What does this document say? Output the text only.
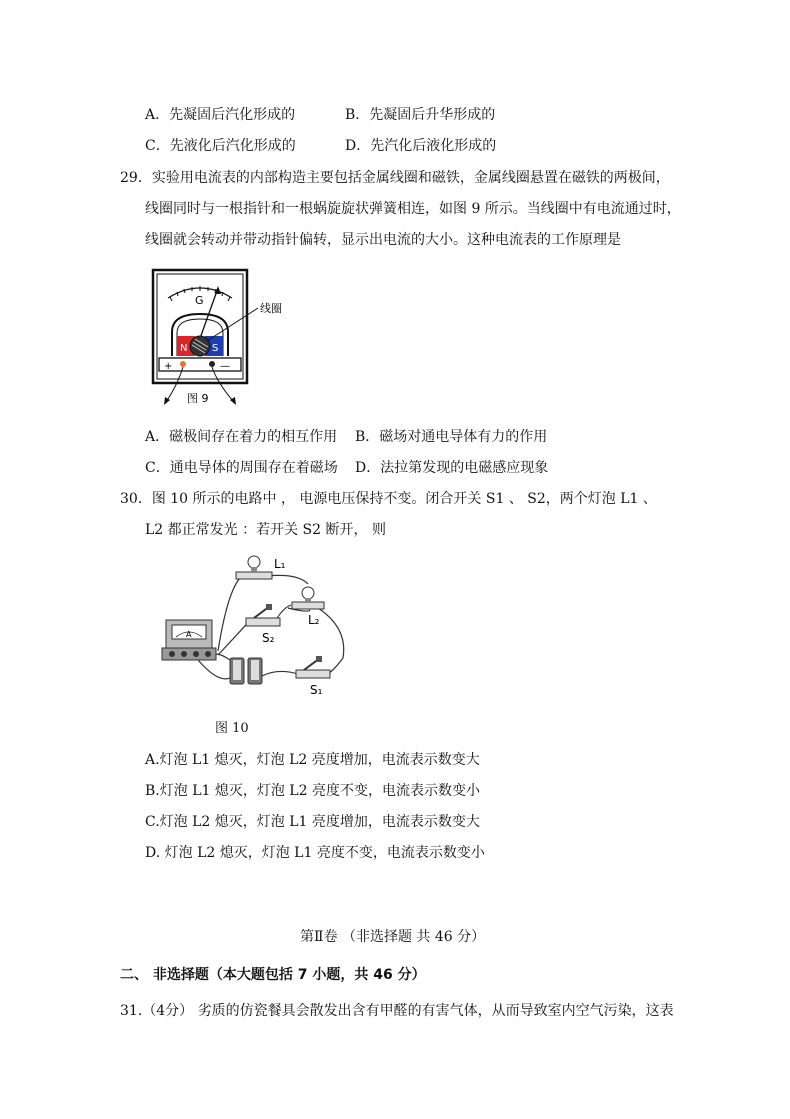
A．先凝固后汽化形成的	B．先凝固后升华形成的
C．先液化后汽化形成的	D．先汽化后液化形成的
29．实验用电流表的内部构造主要包括金属线圈和磁铁，金属线圈悬置在磁铁的两极间，
线圈同时与一根指针和一根蜗旋旋状弹簧相连，如图 9 所示。当线圈中有电流通过时，
线圈就会转动并带动指针偏转，显示出电流的大小。这种电流表的工作原理是
G
N S
线圈
+	—
图 9
A．磁极间存在着力的相互作用 B．磁场对通电导体有力的作用
C．通电导体的周围存在着磁场 D．法拉第发现的电磁感应现象
30．图 10 所示的电路中 ， 电源电压保持不变。闭合开关 S1 、 S2，两个灯泡 L1 、
L2 都正常发光 ：若开关 S2 断开， 则
L₁
L₂
S₂
A
S₁
图 10
A.灯泡 L1 熄灭，灯泡 L2 亮度增加，电流表示数变大
B.灯泡 L1 熄灭，灯泡 L2 亮度不变，电流表示数变小
C.灯泡 L2 熄灭，灯泡 L1 亮度增加，电流表示数变大
D. 灯泡 L2 熄灭，灯泡 L1 亮度不变，电流表示数变小
第Ⅱ卷 （非选择题 共 46 分）
二、 非选择题（本大题包括 7 小题，共 46 分）
31.（4分） 劣质的仿瓷餐具会散发出含有甲醛的有害气体，从而导致室内空气污染，这表
